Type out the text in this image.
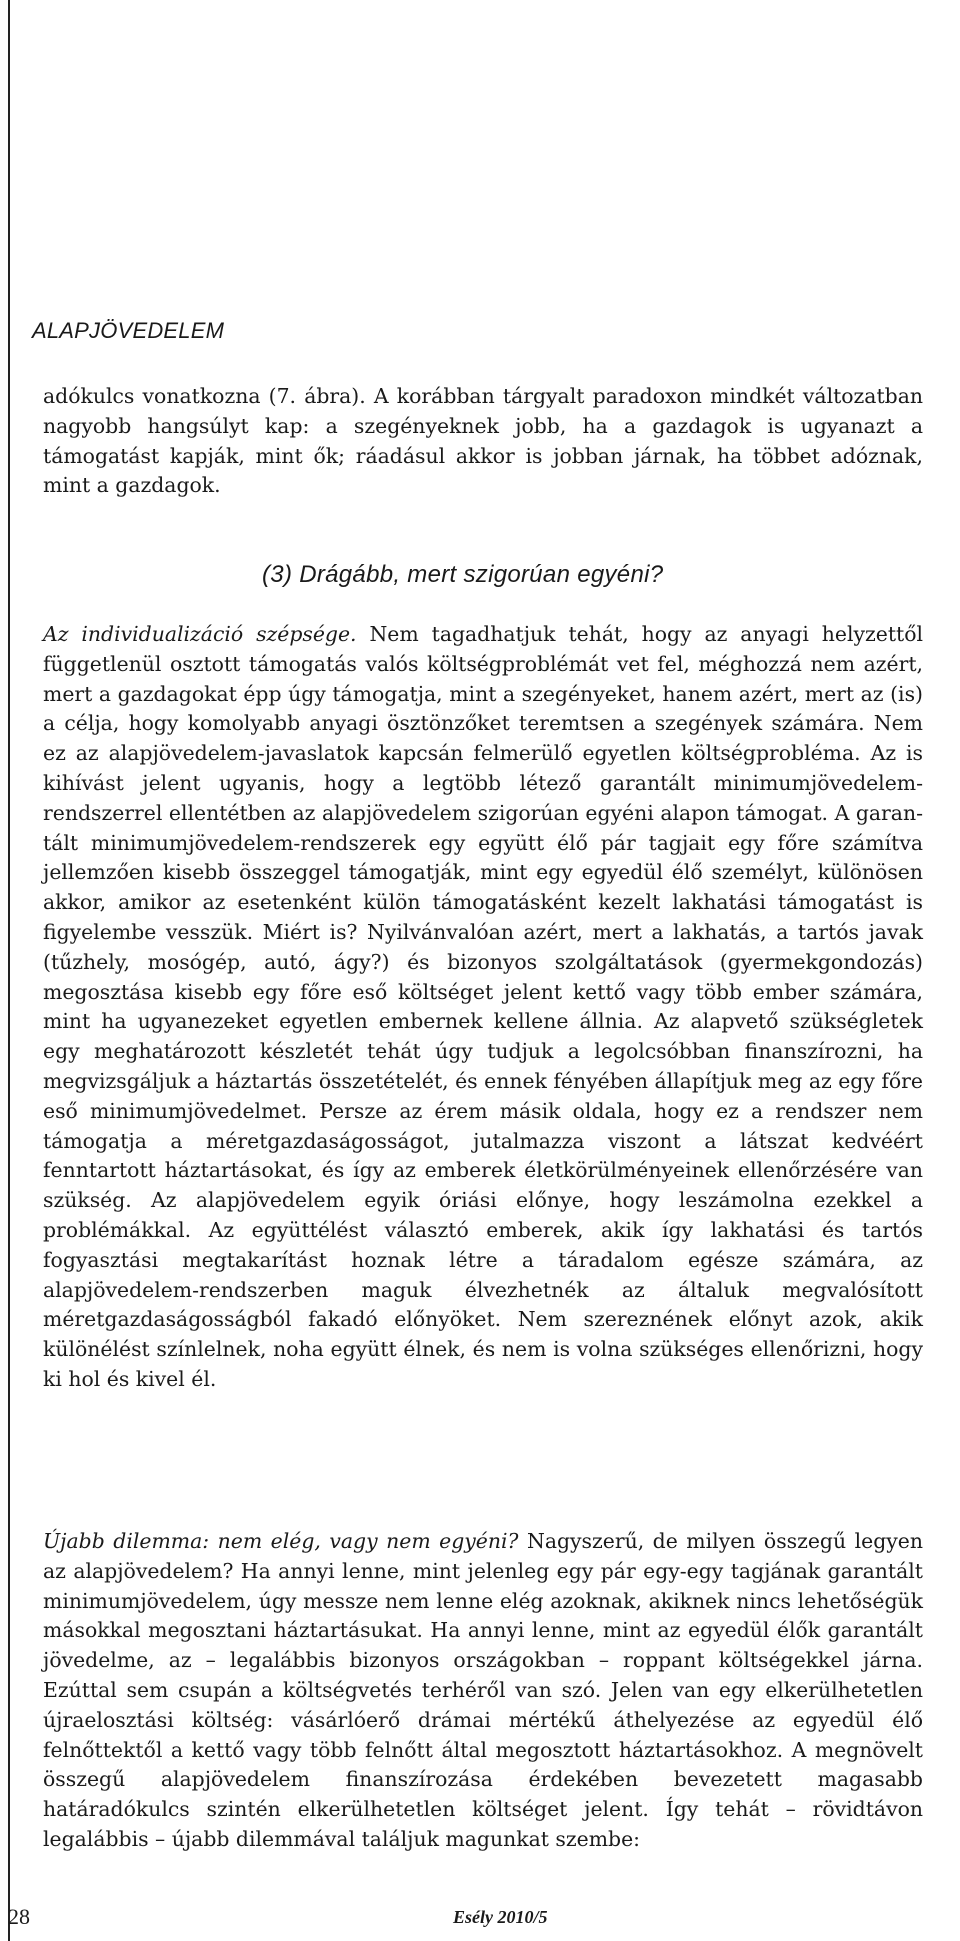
ALAPJÖVEDELEM

adókulcs vonatkozna (7. ábra). A korábban tárgyalt paradoxon mindkét változatban nagyobb hangsúlyt kap: a szegényeknek jobb, ha a gazdagok is ugyanazt a támogatást kapják, mint ők; ráadásul akkor is jobban járnak, ha többet adóznak, mint a gazdagok.

(3) Drágább, mert szigorúan egyéni?

Az individualizáció szépsége. Nem tagadhatjuk tehát, hogy az anyagi helyzettől függetlenül osztott támogatás valós költségproblémát vet fel, méghozzá nem azért, mert a gazdagokat épp úgy támogatja, mint a szegényeket, hanem azért, mert az (is) a célja, hogy komolyabb anyagi ösztönzőket teremtsen a szegények számára. Nem ez az alapjövedelem-javaslatok kapcsán felmerülő egyetlen költségprobléma. Az is kihívást jelent ugyanis, hogy a legtöbb létező garantált minimumjövedelem-rendszerrel ellentétben az alapjövedelem szigorúan egyéni alapon támogat. A garantált minimumjövedelem-rendszerek egy együtt élő pár tagjait egy főre számítva jellemzően kisebb összeggel támogatják, mint egy egyedül élő személyt, különösen akkor, amikor az esetenként külön támogatásként kezelt lakhatási támogatást is figyelembe vesszük. Miért is? Nyilvánvalóan azért, mert a lakhatás, a tartós javak (tűzhely, mosógép, autó, ágy?) és bizonyos szolgáltatások (gyermekgondozás) megosztása kisebb egy főre eső költséget jelent kettő vagy több ember számára, mint ha ugyanezeket egyetlen embernek kellene állnia. Az alapvető szükségletek egy meghatározott készletét tehát úgy tudjuk a legolcsóbban finanszírozni, ha megvizsgáljuk a háztartás összetételét, és ennek fényében állapítjuk meg az egy főre eső minimumjövedelmet. Persze az érem másik oldala, hogy ez a rendszer nem támogatja a méretgazdaságosságot, jutalmazza viszont a látszat kedvéért fenntartott háztartásokat, és így az emberek életkörülményeinek ellenőrzésére van szükség. Az alapjövedelem egyik óriási előnye, hogy leszámolna ezekkel a problémákkal. Az együttélést választó emberek, akik így lakhatási és tartós fogyasztási megtakarítást hoznak létre a táradalom egésze számára, az alapjövedelem-rendszerben maguk élvezhetnék az általuk megvalósított méretgazdaságosságból fakadó előnyöket. Nem szereznének előnyt azok, akik különélést színlelnek, noha együtt élnek, és nem is volna szükséges ellenőrizni, hogy ki hol és kivel él.

Újabb dilemma: nem elég, vagy nem egyéni? Nagyszerű, de milyen összegű legyen az alapjövedelem? Ha annyi lenne, mint jelenleg egy pár egy-egy tagjának garantált minimumjövedelem, úgy messze nem lenne elég azoknak, akiknek nincs lehetőségük másokkal megosztani háztartásukat. Ha annyi lenne, mint az egyedül élők garantált jövedelme, az – legalábbis bizonyos országokban – roppant költségekkel járna. Ezúttal sem csupán a költségvetés terhéről van szó. Jelen van egy elkerülhetetlen újraelosztási költség: vásárlóerő drámai mértékű áthelyezése az egyedül élő felnőttektől a kettő vagy több felnőtt által megosztott háztartásokhoz. A megnövelt összegű alapjövedelem finanszírozása érdekében bevezetett magasabb határadókulcs szintén elkerülhetetlen költséget jelent. Így tehát – rövidtávon legalábbis – újabb dilemmával találjuk magunkat szembe:

28	Esély 2010/5
